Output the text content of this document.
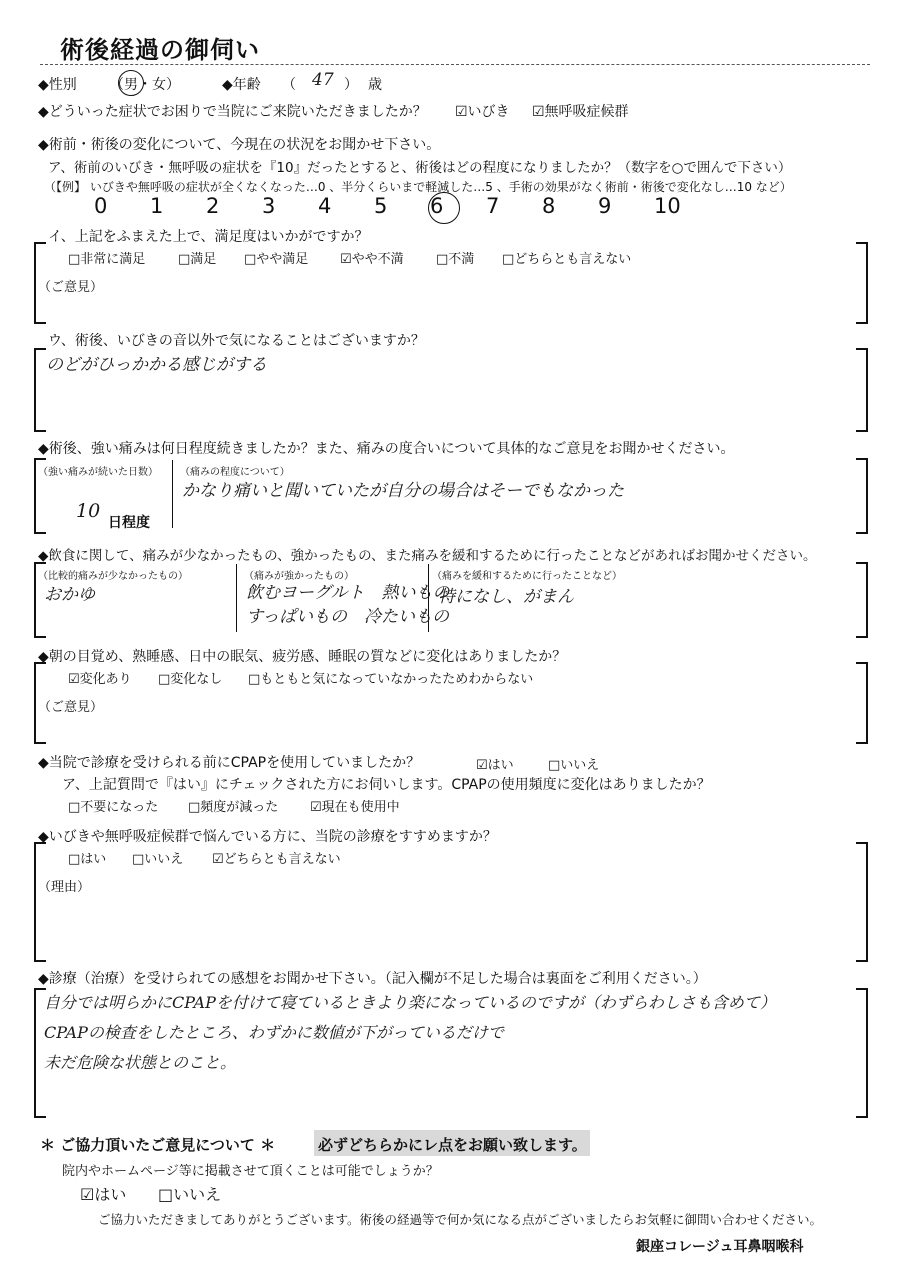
術後経過の御伺い
◆性別 （男・女）	◆年齢 （ 47 ） 歳
◆どういった症状でお困りで当院にご来院いただきましたか？ ☑いびき ☑無呼吸症候群
◆術前・術後の変化について、今現在の状況をお聞かせ下さい。
ア、術前のいびき・無呼吸の症状を『10』だったとすると、術後はどの程度になりましたか？（数字を○で囲んで下さい）
（【例】 いびきや無呼吸の症状が全くなくなった…0 、半分くらいまで軽減した…5 、手術の効果がなく術前・術後で変化なし…10 など）
0 1 2 3 4 5 6 7 8 9 10
イ、上記をふまえた上で、満足度はいかがですか？
□非常に満足	□満足 □やや満足 ☑やや不満 □不満 □どちらとも言えない
（ご意見）
ウ、術後、いびきの音以外で気になることはございますか？
のどがひっかかる感じがする
◆術後、強い痛みは何日程度続きましたか？また、痛みの度合いについて具体的なご意見をお聞かせください。
（強い痛みが続いた日数）
10
日程度
（痛みの程度について）
かなり痛いと聞いていたが自分の場合はそーでもなかった
◆飲食に関して、痛みが少なかったもの、強かったもの、また痛みを緩和するために行ったことなどがあればお聞かせください。
（比較的痛みが少なかったもの）
おかゆ
（痛みが強かったもの）
飲むヨーグルト　熱いもの
すっぱいもの　冷たいもの
（痛みを緩和するために行ったことなど）
特になし、がまん
◆朝の目覚め、熟睡感、日中の眠気、疲労感、睡眠の質などに変化はありましたか？
☑変化あり □変化なし □もともと気になっていなかったためわからない
（ご意見）
◆当院で診療を受けられる前にCPAPを使用していましたか？	☑はい	□いいえ
ア、上記質問で『はい』にチェックされた方にお伺いします。CPAPの使用頻度に変化はありましたか？
□不要になった □頻度が減った ☑現在も使用中
◆いびきや無呼吸症候群で悩んでいる方に、当院の診療をすすめますか？
□はい □いいえ ☑どちらとも言えない
（理由）
◆診療（治療）を受けられての感想をお聞かせ下さい。（記入欄が不足した場合は裏面をご利用ください。）
自分では明らかにCPAPを付けて寝ているときより楽になっているのですが（わずらわしさも含めて）
CPAPの検査をしたところ、わずかに数値が下がっているだけで
未だ危険な状態とのこと。
＊ ご協力頂いたご意見について ＊	必ずどちらかにレ点をお願い致します。
院内やホームページ等に掲載させて頂くことは可能でしょうか？
☑はい □いいえ
ご協力いただきましてありがとうございます。術後の経過等で何か気になる点がございましたらお気軽に御問い合わせください。
銀座コレージュ耳鼻咽喉科
